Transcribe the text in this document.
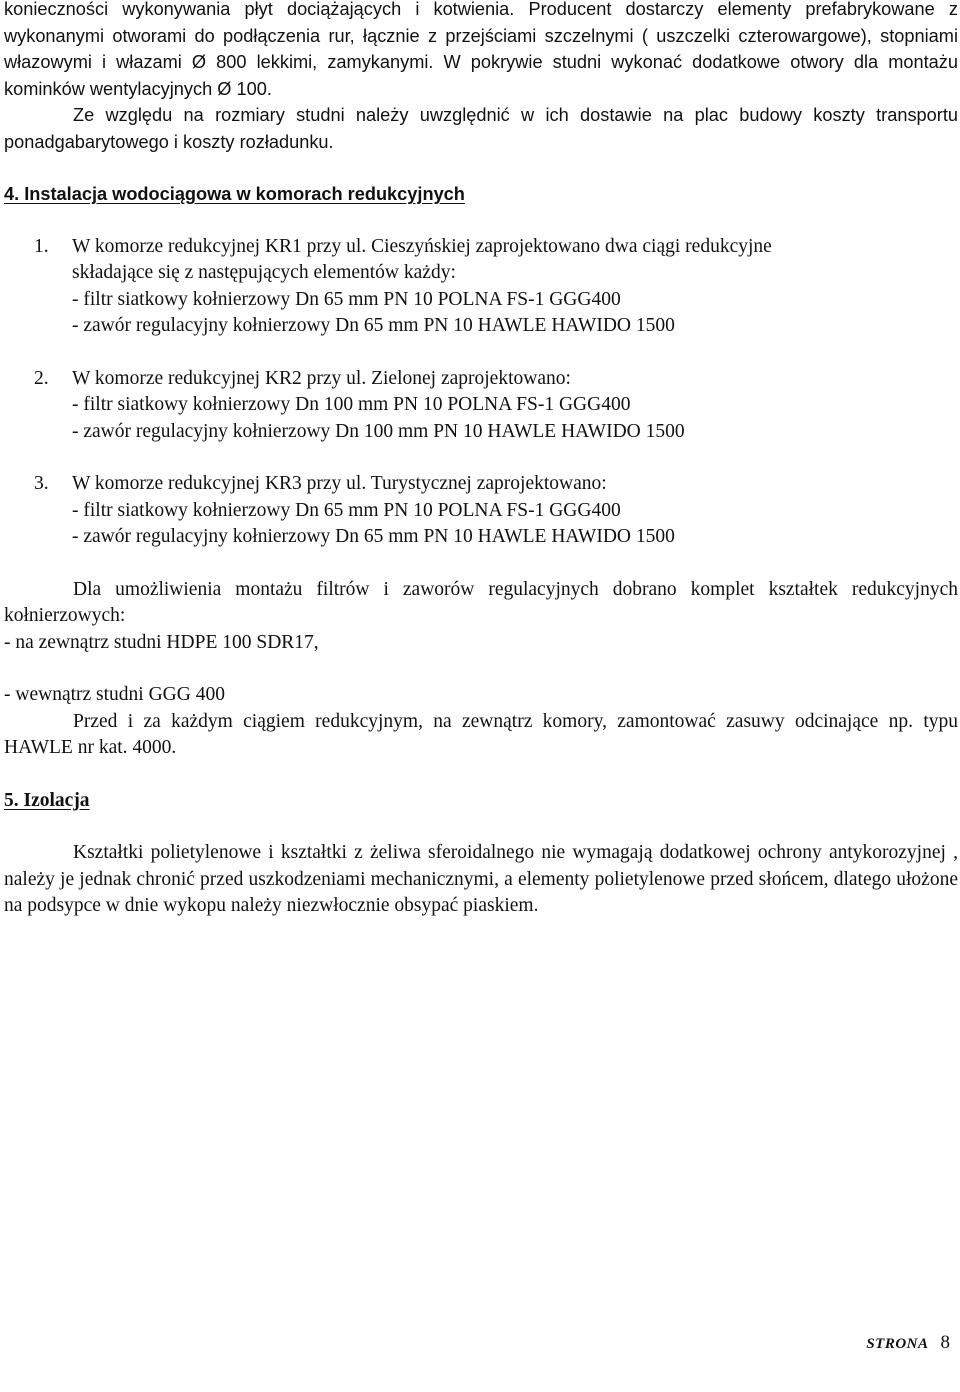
konieczności wykonywania płyt dociążających i kotwienia. Producent dostarczy elementy prefabrykowane z wykonanymi otworami do podłączenia rur, łącznie z przejściami szczelnymi ( uszczelki czterowargowe), stopniami włazowymi i włazami Ø 800 lekkimi, zamykanymi. W pokrywie studni wykonać dodatkowe otwory dla montażu kominków wentylacyjnych Ø 100.

Ze względu na rozmiary studni należy uwzględnić w ich dostawie na plac budowy koszty transportu ponadgabarytowego i koszty rozładunku.

4. Instalacja wodociągowa w komorach redukcyjnych

1. W komorze redukcyjnej KR1 przy ul. Cieszyńskiej zaprojektowano dwa ciągi redukcyjne

składające się z następujących elementów każdy:

- filtr siatkowy kołnierzowy Dn 65 mm PN 10 POLNA FS-1 GGG400

- zawór regulacyjny kołnierzowy Dn 65 mm PN 10 HAWLE HAWIDO 1500

2. W komorze redukcyjnej KR2 przy ul. Zielonej zaprojektowano:

- filtr siatkowy kołnierzowy Dn 100 mm PN 10 POLNA FS-1 GGG400

- zawór regulacyjny kołnierzowy Dn 100 mm PN 10 HAWLE HAWIDO 1500

3. W komorze redukcyjnej KR3 przy ul. Turystycznej zaprojektowano:

- filtr siatkowy kołnierzowy Dn 65 mm PN 10 POLNA FS-1 GGG400

- zawór regulacyjny kołnierzowy Dn 65 mm PN 10 HAWLE HAWIDO 1500

Dla umożliwienia montażu filtrów i zaworów regulacyjnych dobrano komplet kształtek redukcyjnych kołnierzowych:

- na zewnątrz studni HDPE 100 SDR17,

- wewnątrz studni GGG 400

Przed i za każdym ciągiem redukcyjnym, na zewnątrz komory, zamontować zasuwy odcinające np. typu HAWLE nr kat. 4000.

5. Izolacja

Kształtki polietylenowe i kształtki z żeliwa sferoidalnego nie wymagają dodatkowej ochrony antykorozyjnej , należy je jednak chronić przed uszkodzeniami mechanicznymi, a elementy polietylenowe przed słońcem, dlatego ułożone na podsypce w dnie wykopu należy niezwłocznie obsypać piaskiem.

STRONA 8
